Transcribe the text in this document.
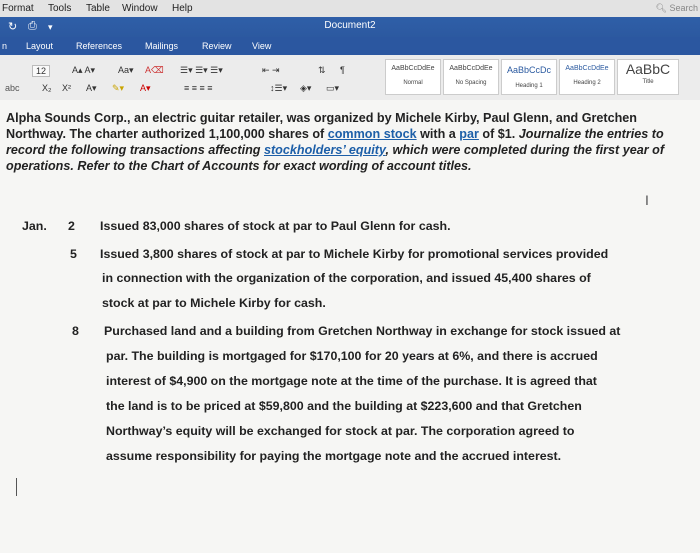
Format Tools Table Window Help	🔍︎ Search
↻ ⎙ ▾	Document2
n Layout	References	Mailings	Review View
12	A▴ A▾	Aa▾ A⌫
abc X₂ X² A▾ ✎▾ A▾
☰▾ ☰▾ ☰▾	⇤ ⇥	⇅ ¶
≡ ≡ ≡ ≡	↕☰▾ ◈▾ ▭▾
AaBbCcDdEe
Normal
AaBbCcDdEe
No Spacing
AaBbCcDc
Heading 1
AaBbCcDdEe
Heading 2
AaBbC
Title
Alpha Sounds Corp., an electric guitar retailer, was organized by Michele Kirby, Paul Glenn, and Gretchen Northway. The charter authorized 1,100,000 shares of common stock with a par of $1. Journalize the entries to record the following transactions affecting stockholders’ equity, which were completed during the first year of operations. Refer to the Chart of Accounts for exact wording of account titles.
I
Jan. 2 Issued 83,000 shares of stock at par to Paul Glenn for cash.
5 Issued 3,800 shares of stock at par to Michele Kirby for promotional services provided
in connection with the organization of the corporation, and issued 45,400 shares of
stock at par to Michele Kirby for cash.
8 Purchased land and a building from Gretchen Northway in exchange for stock issued at
par. The building is mortgaged for $170,100 for 20 years at 6%, and there is accrued
interest of $4,900 on the mortgage note at the time of the purchase. It is agreed that
the land is to be priced at $59,800 and the building at $223,600 and that Gretchen
Northway’s equity will be exchanged for stock at par. The corporation agreed to
assume responsibility for paying the mortgage note and the accrued interest.
